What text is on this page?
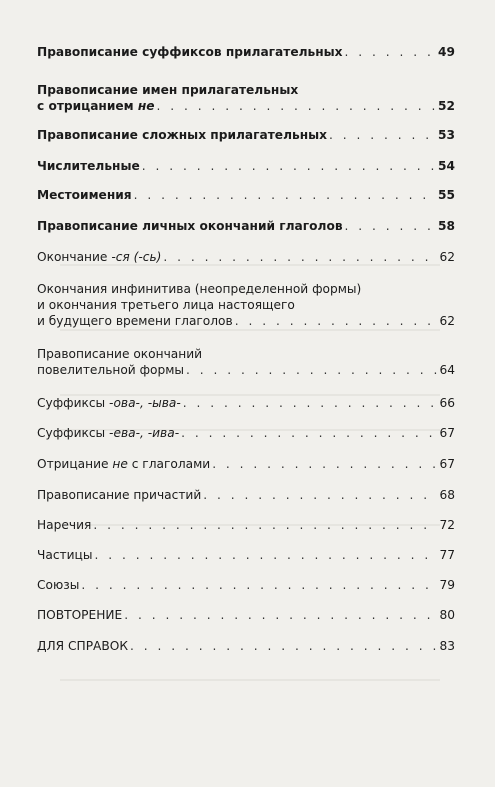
Правописание суффиксов прилагательных . . .	49
Правописание имен прилагательных
с отрицанием не . . .	52
Правописание сложных прилагательных . . .	53
Числительные . . .	54
Местоимения . . .	55
Правописание личных окончаний глаголов . . .	58
Окончание -ся (-сь) . . .	62
Окончания инфинитива (неопределенной формы)
и окончания третьего лица настоящего
и будущего времени глаголов . . .	62
Правописание окончаний
повелительной формы . . .	64
Суффиксы -ова-, -ыва- . . .	66
Суффиксы -ева-, -ива- . . .	67
Отрицание не с глаголами . . .	67
Правописание причастий . . .	68
Наречия . . .	72
Частицы . . .	77
Союзы . . .	79
ПОВТОРЕНИЕ . . .	80
ДЛЯ СПРАВОК . . .	83
